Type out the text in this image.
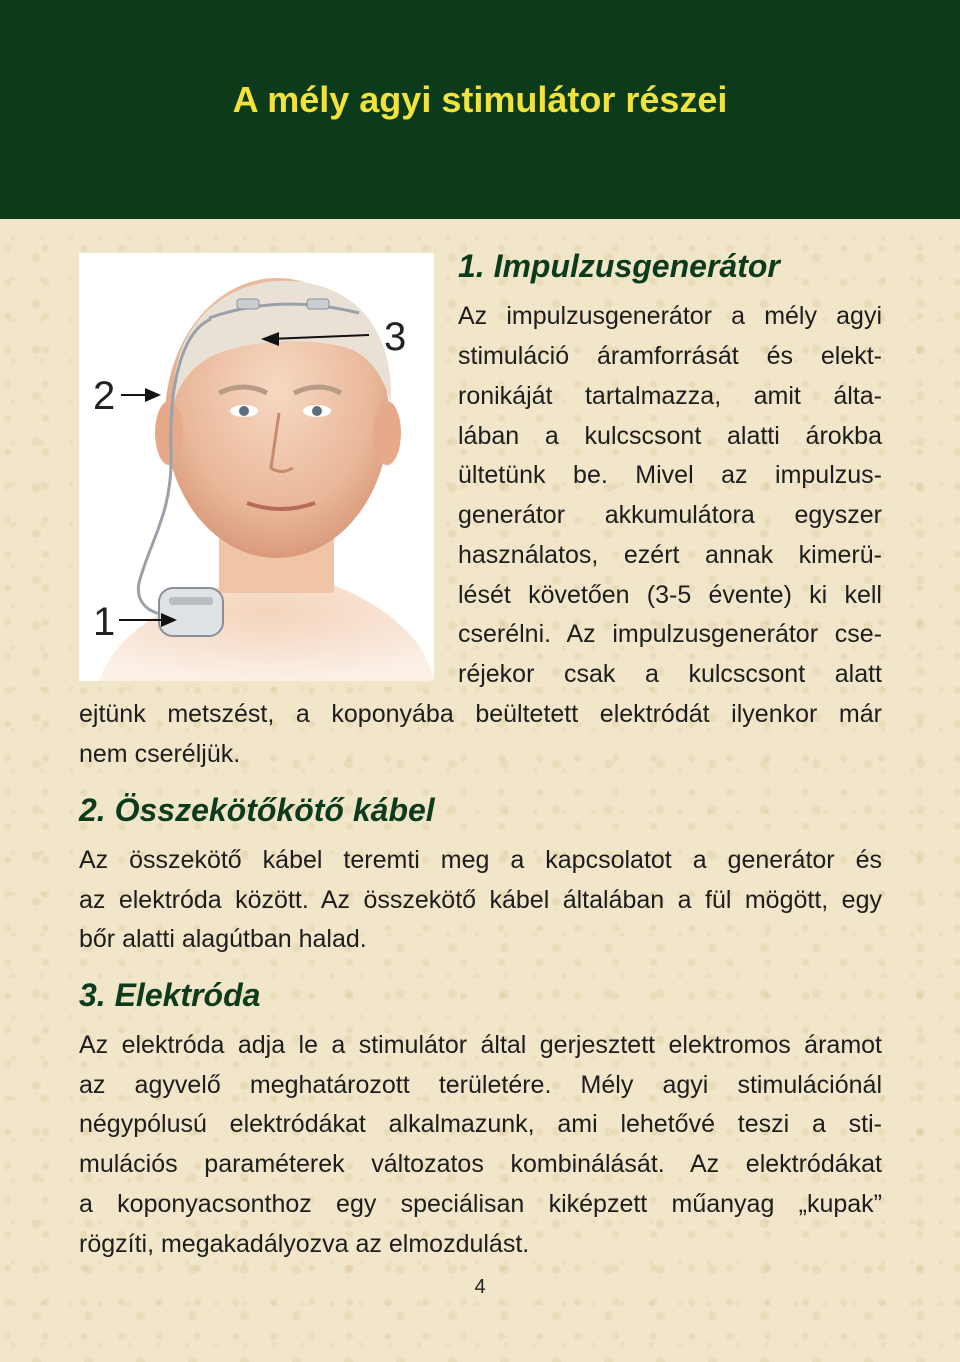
A mély agyi stimulátor részei
3
2
1
1. Impulzusgenerátor

Az impulzusgenerátor a mély agyi

stimuláció áramforrását és elekt-

ronikáját tartalmazza, amit álta-

lában a kulcscsont alatti árokba

ültetünk be. Mivel az impulzus-

generátor akkumulátora egyszer

használatos, ezért annak kimerü-

lését követően (3-5 évente) ki kell

cserélni. Az impulzusgenerátor cse-

réjekor csak a kulcscsont alatt

ejtünk metszést, a koponyába beültetett elektródát ilyenkor már

nem cseréljük.

2. Összekötőkötő kábel

Az összekötő kábel teremti meg a kapcsolatot a generátor és

az elektróda között. Az összekötő kábel általában a fül mögött, egy

bőr alatti alagútban halad.

3. Elektróda

Az elektróda adja le a stimulátor által gerjesztett elektromos áramot

az agyvelő meghatározott területére. Mély agyi stimulációnál

négypólusú elektródákat alkalmazunk, ami lehetővé teszi a sti-

mulációs paraméterek változatos kombinálását. Az elektródákat

a koponyacsonthoz egy speciálisan kiképzett műanyag „kupak”

rögzíti, megakadályozva az elmozdulást.

4
